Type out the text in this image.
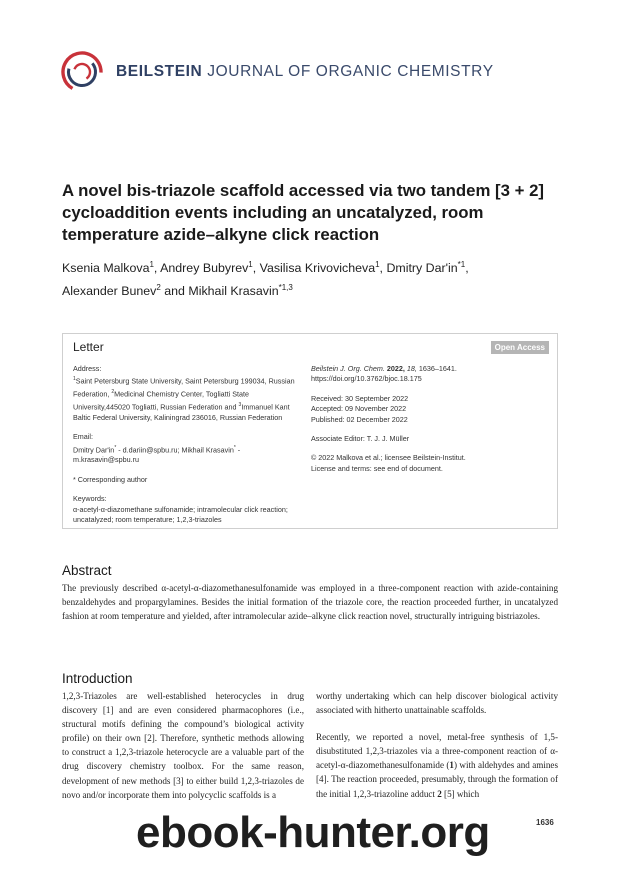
BEILSTEIN JOURNAL OF ORGANIC CHEMISTRY
A novel bis-triazole scaffold accessed via two tandem [3 + 2] cycloaddition events including an uncatalyzed, room temperature azide–alkyne click reaction
Ksenia Malkova$^1$, Andrey Bubyrev$^1$, Vasilisa Krivovicheva$^1$, Dmitry $Dar'in^{*1}$,
Alexander Bunev$^2$ and Mikhail Krasavin$^{*1,3}$
Letter	Open Access

Address:
$^1$Saint Petersburg State University, Saint Petersburg 199034, Russian Federation, $^2$Medicinal Chemistry Center, Togliatti State University,445020 Togliatti, Russian Federation and $^3$Immanuel Kant Baltic Federal University, Kaliningrad 236016, Russian Federation

Email:
Dmitry Dar'in* - d.dariin@spbu.ru; Mikhail Krasavin* - m.krasavin@spbu.ru

* Corresponding author

Keywords:
α-acetyl-α-diazomethane sulfonamide; intramolecular click reaction; uncatalyzed; room temperature; 1,2,3-triazoles

Beilstein J. Org. Chem. 2022, 18, 1636–1641.
https://doi.org/10.3762/bjoc.18.175

Received: 30 September 2022
Accepted: 09 November 2022
Published: 02 December 2022

Associate Editor: T. J. J. Müller

© 2022 Malkova et al.; licensee Beilstein-Institut.
License and terms: see end of document.

Abstract
The previously described α-acetyl-α-diazomethanesulfonamide was employed in a three-component reaction with azide-containing benzaldehydes and propargylamines. Besides the initial formation of the triazole core, the reaction proceeded further, in uncatalyzed fashion at room temperature and yielded, after intramolecular azide–alkyne click reaction novel, structurally intriguing bistriazoles.
Introduction

1,2,3-Triazoles are well-established heterocycles in drug discovery [1] and are even considered pharmacophores (i.e., structural motifs defining the compound’s biological activity profile) on their own [2]. Therefore, synthetic methods allowing to construct a 1,2,3-triazole heterocycle are a valuable part of the drug discovery chemistry toolbox. For the same reason, development of new methods [3] to either build 1,2,3-triazoles de novo and/or incorporate them into polycyclic scaffolds is a

worthy undertaking which can help discover biological activity associated with hitherto unattainable scaffolds.

Recently, we reported a novel, metal-free synthesis of 1,5-disubstituted 1,2,3-triazoles via a three-component reaction of α-acetyl-α-diazomethanesulfonamide (1) with aldehydes and amines [4]. The reaction proceeded, presumably, through the formation of the initial 1,2,3-triazoline adduct 2 [5] which

1636
ebook-hunter.org
